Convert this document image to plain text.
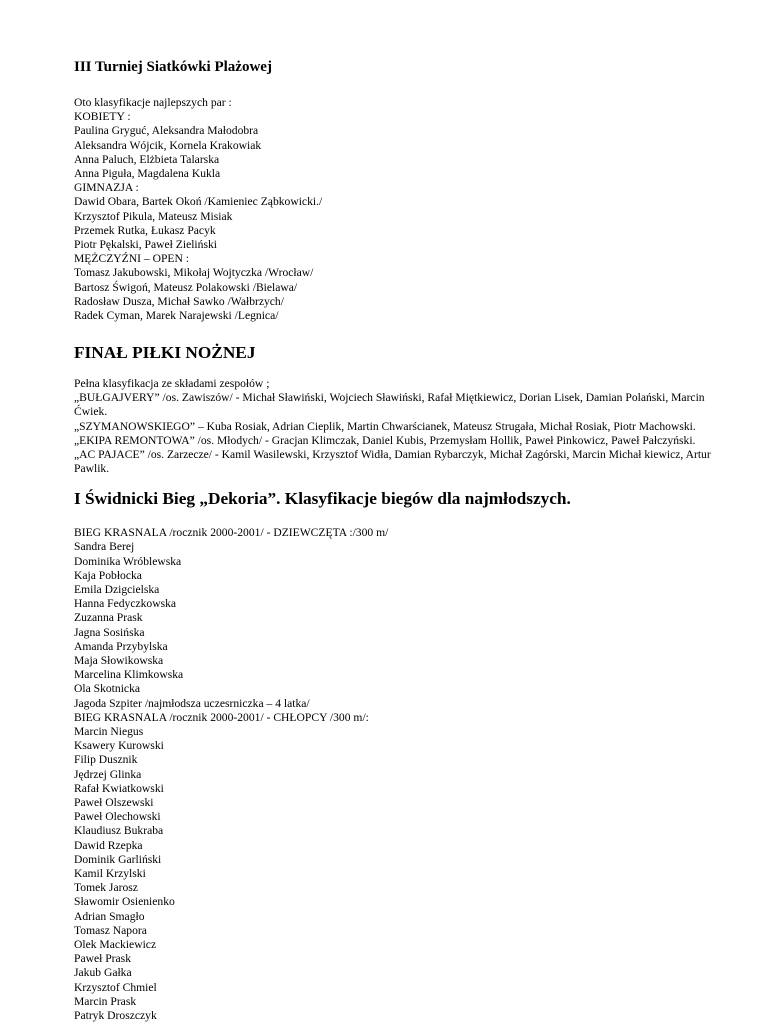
III Turniej Siatkówki Plażowej

Oto klasyfikacje najlepszych par :

KOBIETY :

Paulina Gryguć, Aleksandra Małodobra

Aleksandra Wójcik, Kornela Krakowiak

Anna Paluch, Elżbieta Talarska

Anna Piguła, Magdalena Kukla

GIMNAZJA :

Dawid Obara, Bartek Okoń /Kamieniec Ząbkowicki./

Krzysztof Pikula, Mateusz Misiak

Przemek Rutka, Łukasz Pacyk

Piotr Pękalski, Paweł Zieliński

MĘŻCZYŹNI – OPEN :

Tomasz Jakubowski, Mikołaj Wojtyczka /Wrocław/

Bartosz Świgoń, Mateusz Polakowski /Bielawa/

Radosław Dusza, Michał Sawko /Wałbrzych/

Radek Cyman, Marek Narajewski /Legnica/

FINAŁ PIŁKI NOŻNEJ

Pełna klasyfikacja ze składami zespołów ;

„BUŁGAJVERY” /os. Zawiszów/ - Michał Sławiński, Wojciech Sławiński, Rafał Miętkiewicz, Dorian Lisek, Damian Polański, Marcin Ćwiek.

„SZYMANOWSKIEGO” – Kuba Rosiak, Adrian Cieplik, Martin Chwarścianek, Mateusz Strugała, Michał Rosiak, Piotr Machowski.

„EKIPA REMONTOWA” /os. Młodych/ - Gracjan Klimczak, Daniel Kubis, Przemysłam Hollik, Paweł Pinkowicz, Paweł Pałczyński.

„AC PAJACE” /os. Zarzecze/ - Kamil Wasilewski, Krzysztof Widła, Damian Rybarczyk, Michał Zagórski, Marcin Michał kiewicz, Artur Pawlik.

I Świdnicki Bieg „Dekoria”. Klasyfikacje biegów dla najmłodszych.

BIEG KRASNALA /rocznik 2000-2001/ - DZIEWCZĘTA :/300 m/

Sandra Berej

Dominika Wróblewska

Kaja Pobłocka

Emila Dzigcielska

Hanna Fedyczkowska

Zuzanna Prask

Jagna Sosińska

Amanda Przybylska

Maja Słowikowska

Marcelina Klimkowska

Ola Skotnicka

Jagoda Szpiter /najmłodsza uczesrniczka – 4 latka/

BIEG KRASNALA /rocznik 2000-2001/ - CHŁOPCY /300 m/:

Marcin Niegus

Ksawery Kurowski

Filip Dusznik

Jędrzej Glinka

Rafał Kwiatkowski

Paweł Olszewski

Paweł Olechowski

Klaudiusz Bukraba

Dawid Rzepka

Dominik Garliński

Kamil Krzylski

Tomek Jarosz

Sławomir Osienienko

Adrian Smagło

Tomasz Napora

Olek Mackiewicz

Paweł Prask

Jakub Gałka

Krzysztof Chmiel

Marcin Prask

Patryk Droszczyk
